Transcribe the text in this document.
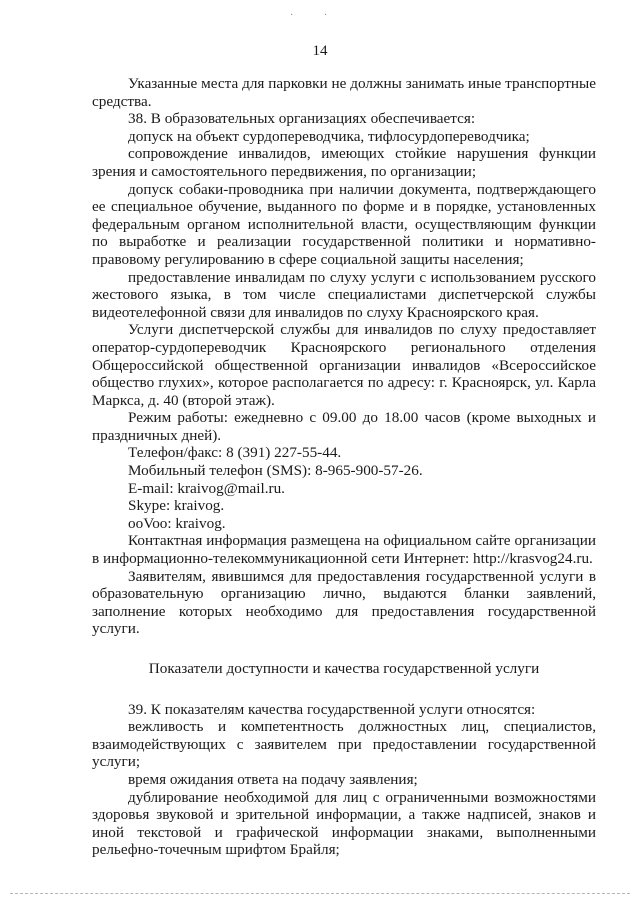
· ·
14

Указанные места для парковки не должны занимать иные транспортные средства.

38. В образовательных организациях обеспечивается:

допуск на объект сурдопереводчика, тифлосурдопереводчика;

сопровождение инвалидов, имеющих стойкие нарушения функции зрения и самостоятельного передвижения, по организации;

допуск собаки-проводника при наличии документа, подтверждающего ее специальное обучение, выданного по форме и в порядке, установленных федеральным органом исполнительной власти, осуществляющим функции по выработке и реализации государственной политики и нормативно-правовому регулированию в сфере социальной защиты населения;

предоставление инвалидам по слуху услуги с использованием русского жестового языка, в том числе специалистами диспетчерской службы видеотелефонной связи для инвалидов по слуху Красноярского края.

Услуги диспетчерской службы для инвалидов по слуху предоставляет оператор-сурдопереводчик Красноярского регионального отделения Общероссийской общественной организации инвалидов «Всероссийское общество глухих», которое располагается по адресу: г. Красноярск, ул. Карла Маркса, д. 40 (второй этаж).

Режим работы: ежедневно с 09.00 до 18.00 часов (кроме выходных и праздничных дней).

Телефон/факс: 8 (391) 227-55-44.

Мобильный телефон (SMS): 8-965-900-57-26.

E-mail: kraivog@mail.ru.

Skype: kraivog.

ooVoo: kraivog.

Контактная информация размещена на официальном сайте организации в информационно-телекоммуникационной сети Интернет: http://krasvog24.ru.

Заявителям, явившимся для предоставления государственной услуги в образовательную организацию лично, выдаются бланки заявлений, заполнение которых необходимо для предоставления государственной услуги.

Показатели доступности и качества государственной услуги

39. К показателям качества государственной услуги относятся:

вежливость и компетентность должностных лиц, специалистов, взаимодействующих с заявителем при предоставлении государственной услуги;

время ожидания ответа на подачу заявления;

дублирование необходимой для лиц с ограниченными возможностями здоровья звуковой и зрительной информации, а также надписей, знаков и иной текстовой и графической информации знаками, выполненными рельефно-точечным шрифтом Брайля;
